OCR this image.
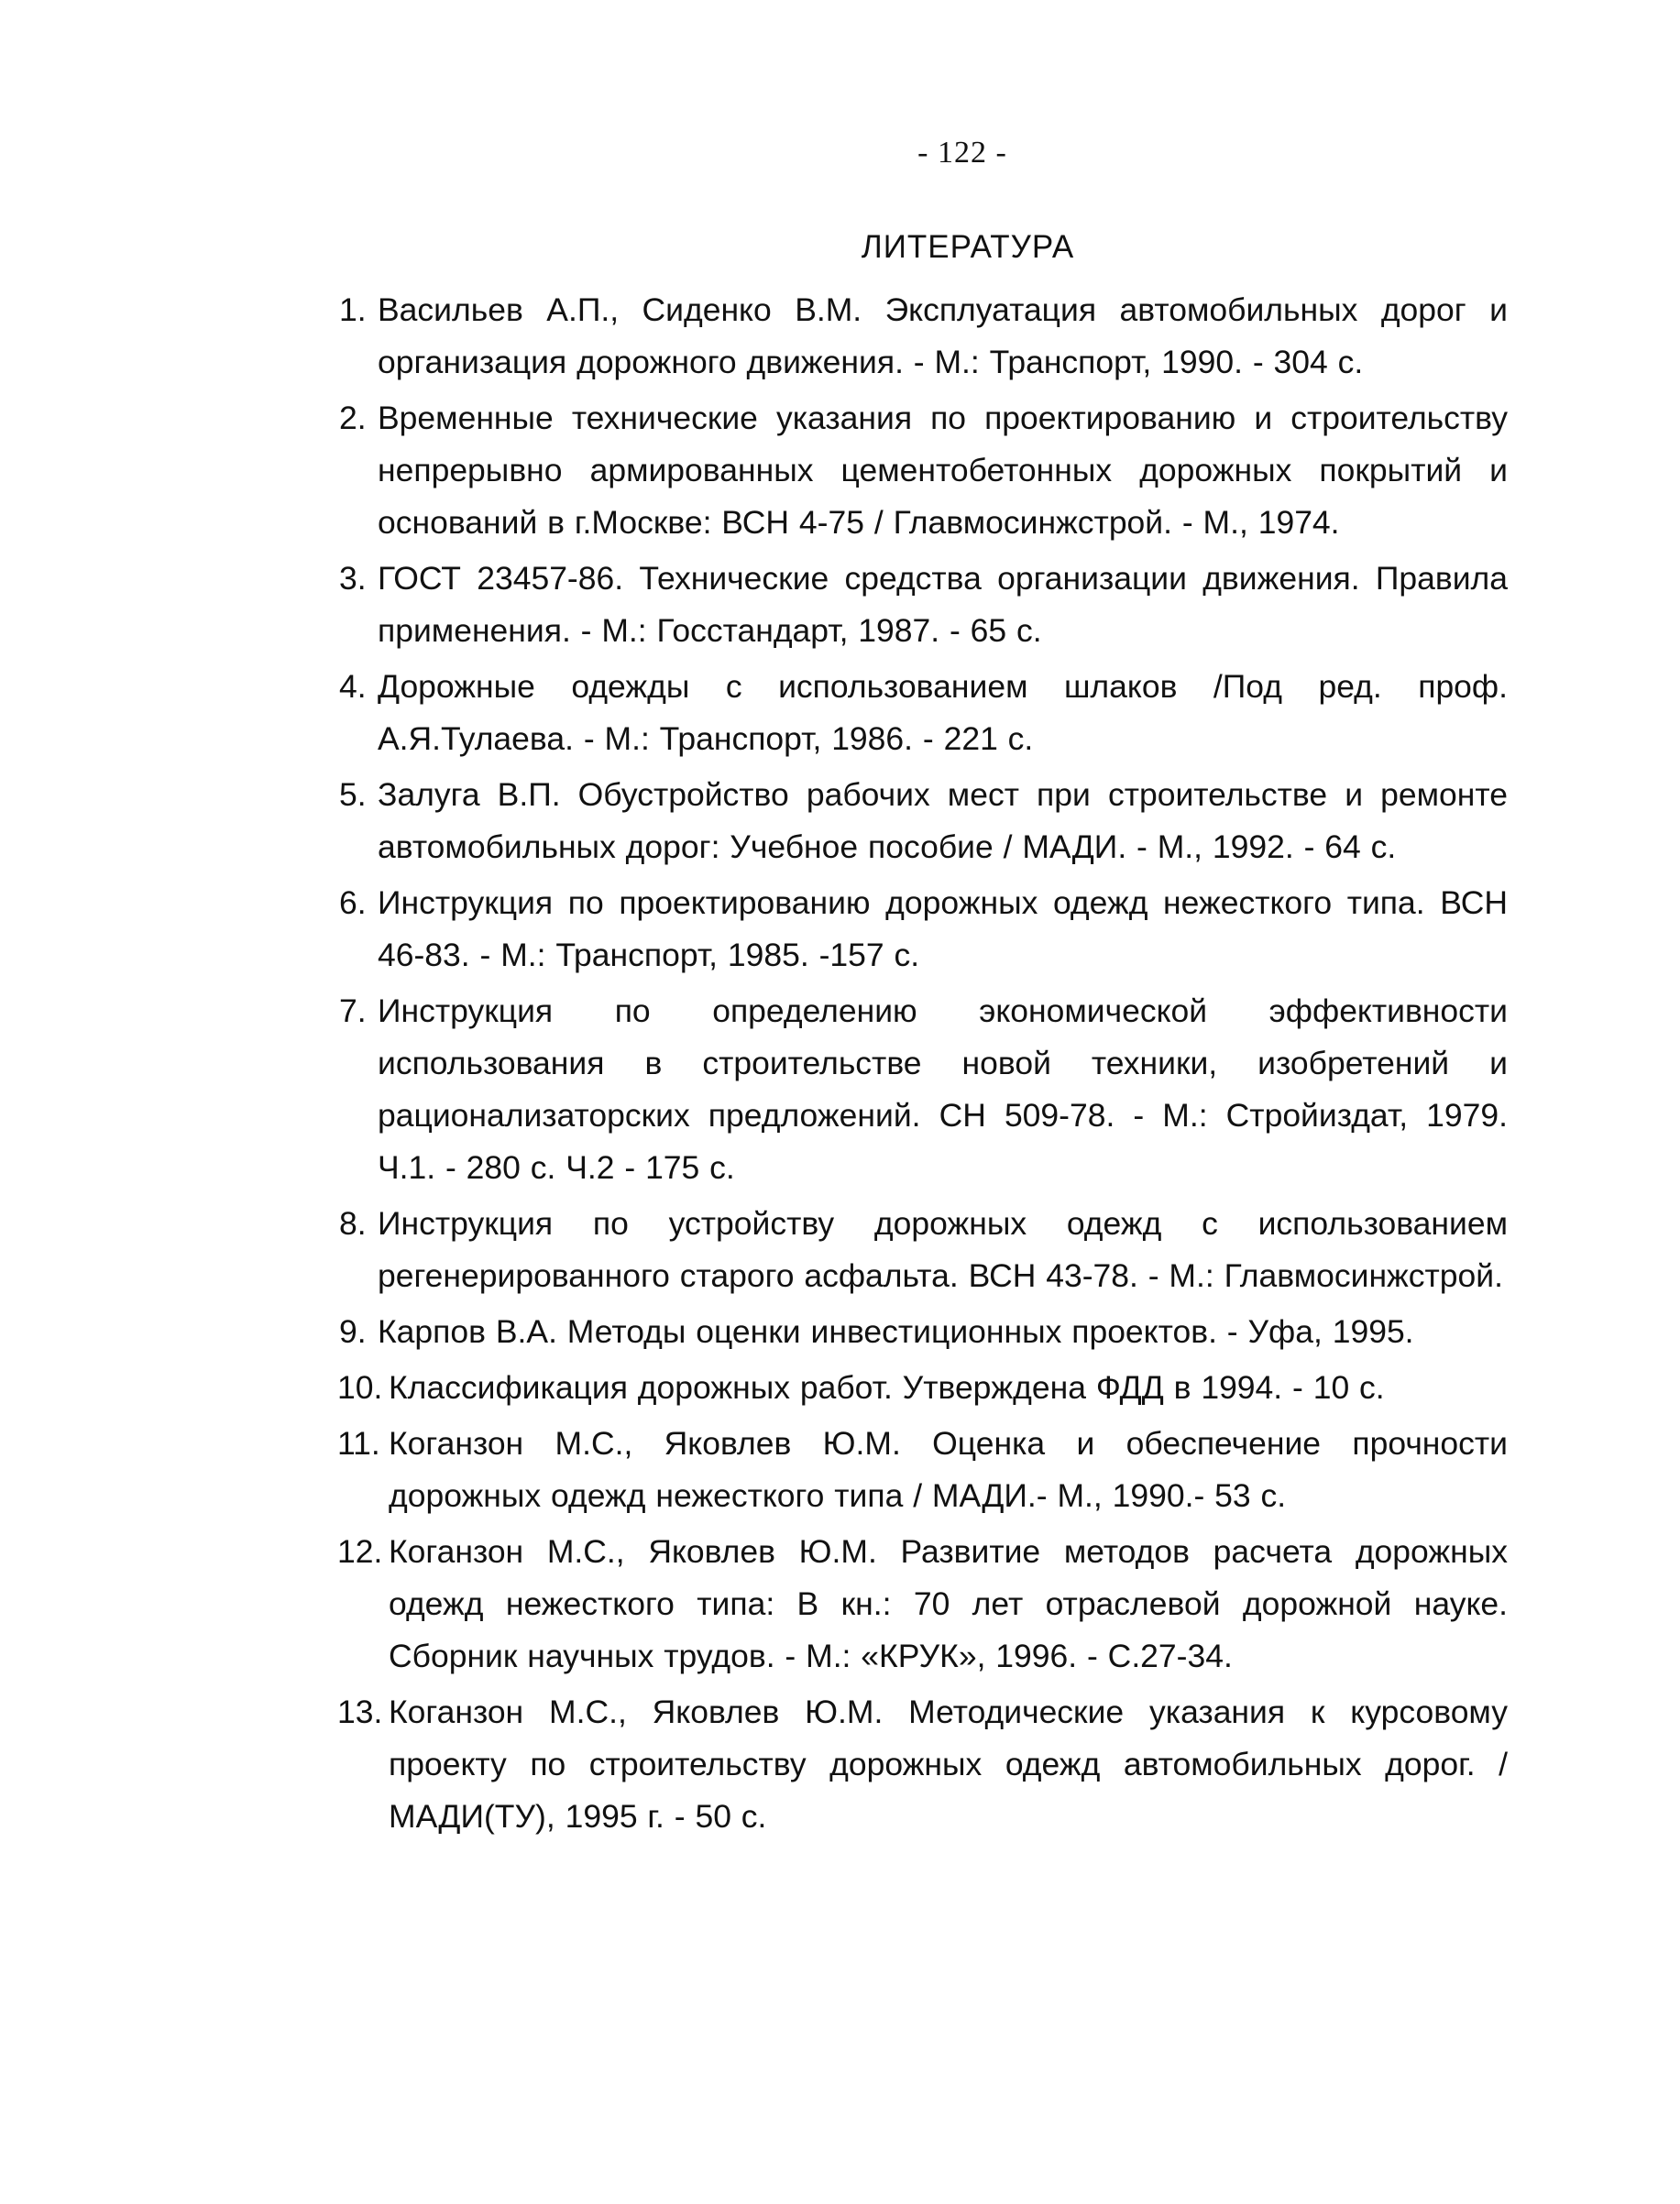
- 122 -
ЛИТЕРАТУРА
1. Васильев А.П., Сиденко В.М. Эксплуатация автомобильных дорог и организация дорожного движения. - М.: Транспорт, 1990. - 304 с.
2. Временные технические указания по проектированию и строительству непрерывно армированных цементобетонных дорожных покрытий и оснований в г.Москве: ВСН 4-75 / Главмосинжстрой. - М., 1974.
3. ГОСТ 23457-86. Технические средства организации движения. Правила применения. - М.: Госстандарт, 1987. - 65 с.
4. Дорожные одежды с использованием шлаков /Под ред. проф. А.Я.Тулаева. - М.: Транспорт, 1986. - 221 с.
5. Залуга В.П. Обустройство рабочих мест при строительстве и ремонте автомобильных дорог: Учебное пособие / МАДИ. - М., 1992. - 64 с.
6. Инструкция по проектированию дорожных одежд нежесткого типа. ВСН 46-83. - М.: Транспорт, 1985. -157 с.
7. Инструкция по определению экономической эффективности использования в строительстве новой техники, изобретений и рационализаторских предложений. СН 509-78. - М.: Стройиздат, 1979. Ч.1. - 280 с. Ч.2 - 175 с.
8. Инструкция по устройству дорожных одежд с использованием регенерированного старого асфальта. ВСН 43-78. - М.: Главмосинжстрой.
9. Карпов В.А. Методы оценки инвестиционных проектов. - Уфа, 1995.
10. Классификация дорожных работ. Утверждена ФДД в 1994. - 10 с.
11. Коганзон М.С., Яковлев Ю.М. Оценка и обеспечение прочности дорожных одежд нежесткого типа / МАДИ.- М., 1990.- 53 с.
12. Коганзон М.С., Яковлев Ю.М. Развитие методов расчета дорожных одежд нежесткого типа: В кн.: 70 лет отраслевой дорожной науке. Сборник научных трудов. - М.: «КРУК», 1996. - С.27-34.
13. Коганзон М.С., Яковлев Ю.М. Методические указания к курсовому проекту по строительству дорожных одежд автомобильных дорог. /МАДИ(ТУ), 1995 г. - 50 с.
